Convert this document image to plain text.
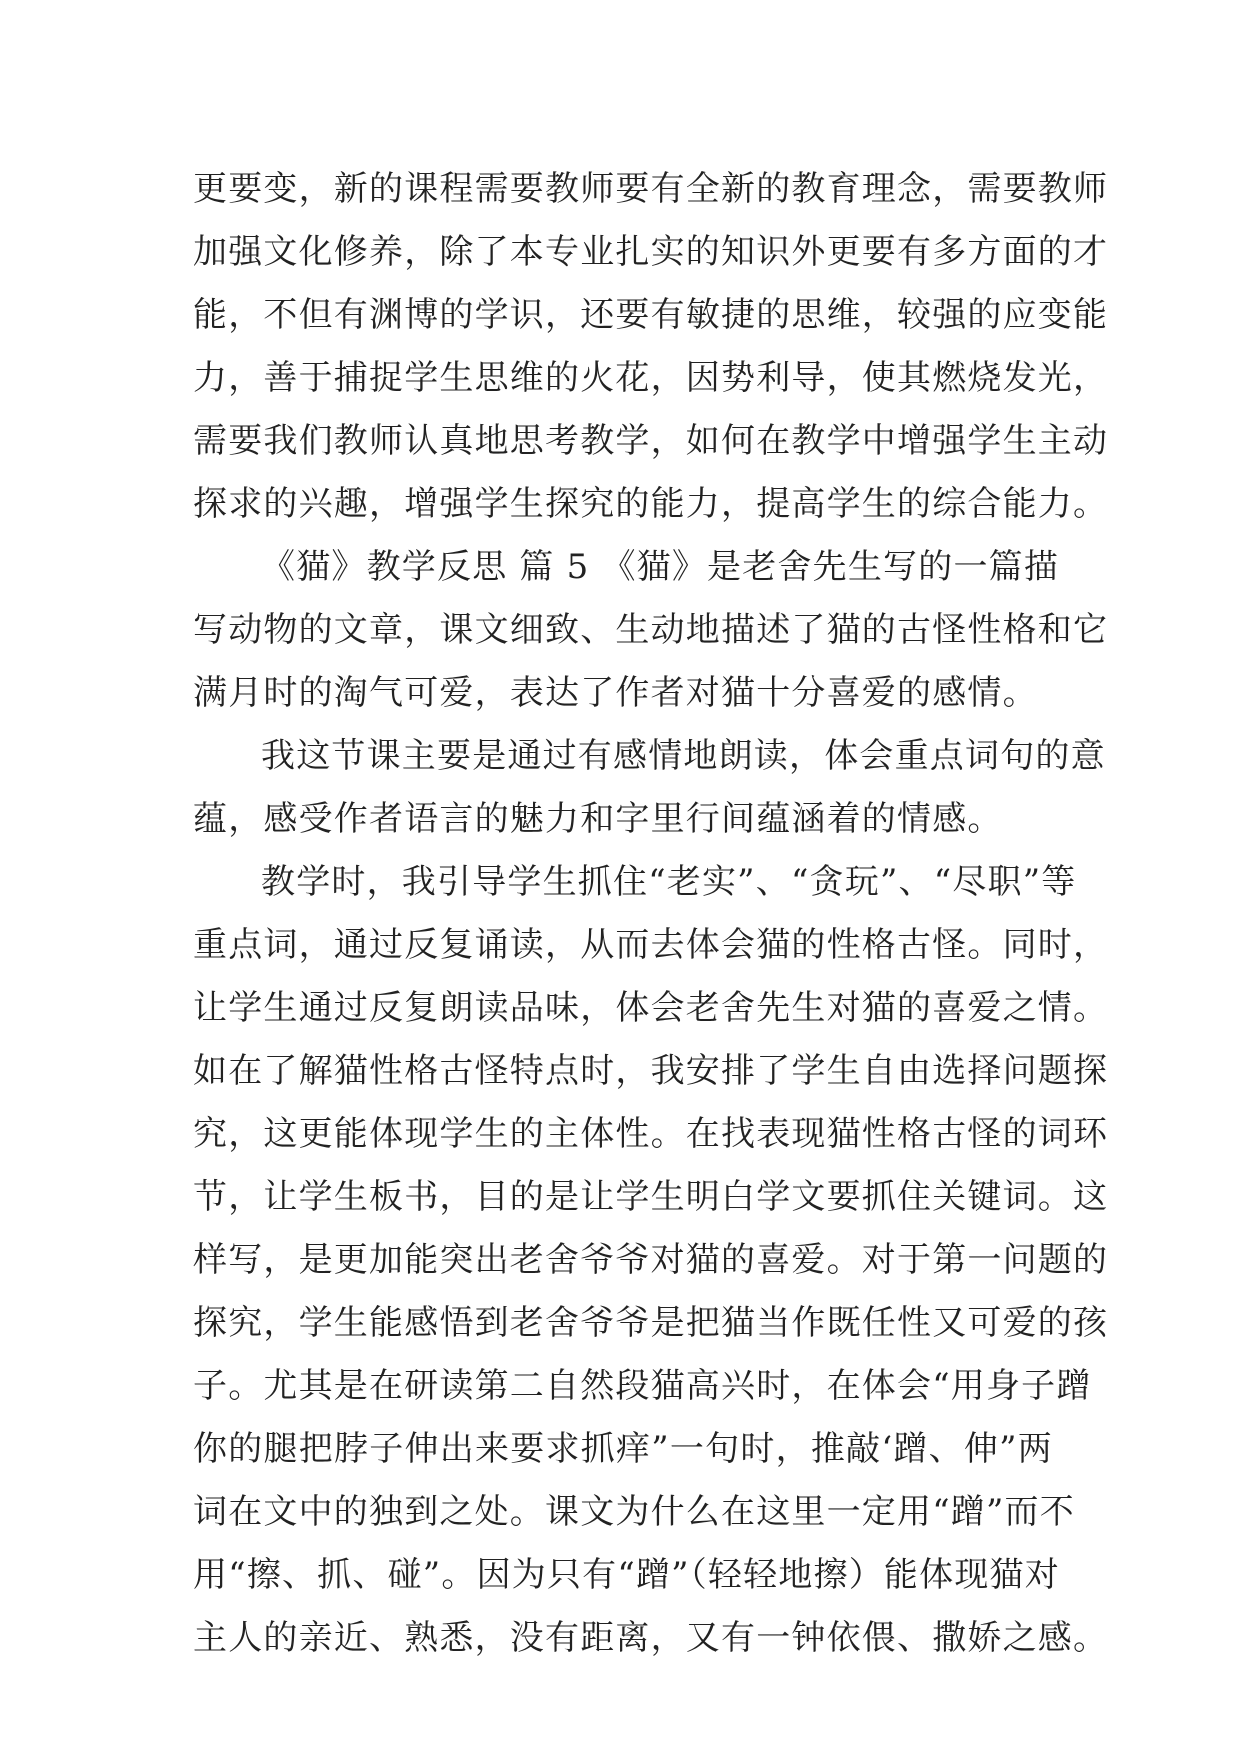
更要变，新的课程需要教师要有全新的教育理念，需要教师
加强文化修养，除了本专业扎实的知识外更要有多方面的才
能，不但有渊博的学识，还要有敏捷的思维，较强的应变能
力，善于捕捉学生思维的火花，因势利导，使其燃烧发光，
需要我们教师认真地思考教学，如何在教学中增强学生主动
探求的兴趣，增强学生探究的能力，提高学生的综合能力。
《猫》教学反思 篇 5 《猫》是老舍先生写的一篇描
写动物的文章，课文细致、生动地描述了猫的古怪性格和它
满月时的淘气可爱，表达了作者对猫十分喜爱的感情。
我这节课主要是通过有感情地朗读，体会重点词句的意
蕴，感受作者语言的魅力和字里行间蕴涵着的情感。
教学时，我引导学生抓住“老实”、“贪玩”、“尽职”等
重点词，通过反复诵读，从而去体会猫的性格古怪。同时，
让学生通过反复朗读品味，体会老舍先生对猫的喜爱之情。
如在了解猫性格古怪特点时，我安排了学生自由选择问题探
究，这更能体现学生的主体性。在找表现猫性格古怪的词环
节，让学生板书，目的是让学生明白学文要抓住关键词。这
样写，是更加能突出老舍爷爷对猫的喜爱。对于第一问题的
探究，学生能感悟到老舍爷爷是把猫当作既任性又可爱的孩
子。尤其是在研读第二自然段猫高兴时，在体会“用身子蹭
你的腿把脖子伸出来要求抓痒”一句时，推敲‘蹭、伸”两
词在文中的独到之处。课文为什么在这里一定用“蹭”而不
用“擦、抓、碰”。因为只有“蹭”（轻轻地擦）能体现猫对
主人的亲近、熟悉，没有距离，又有一钟依偎、撒娇之感。
